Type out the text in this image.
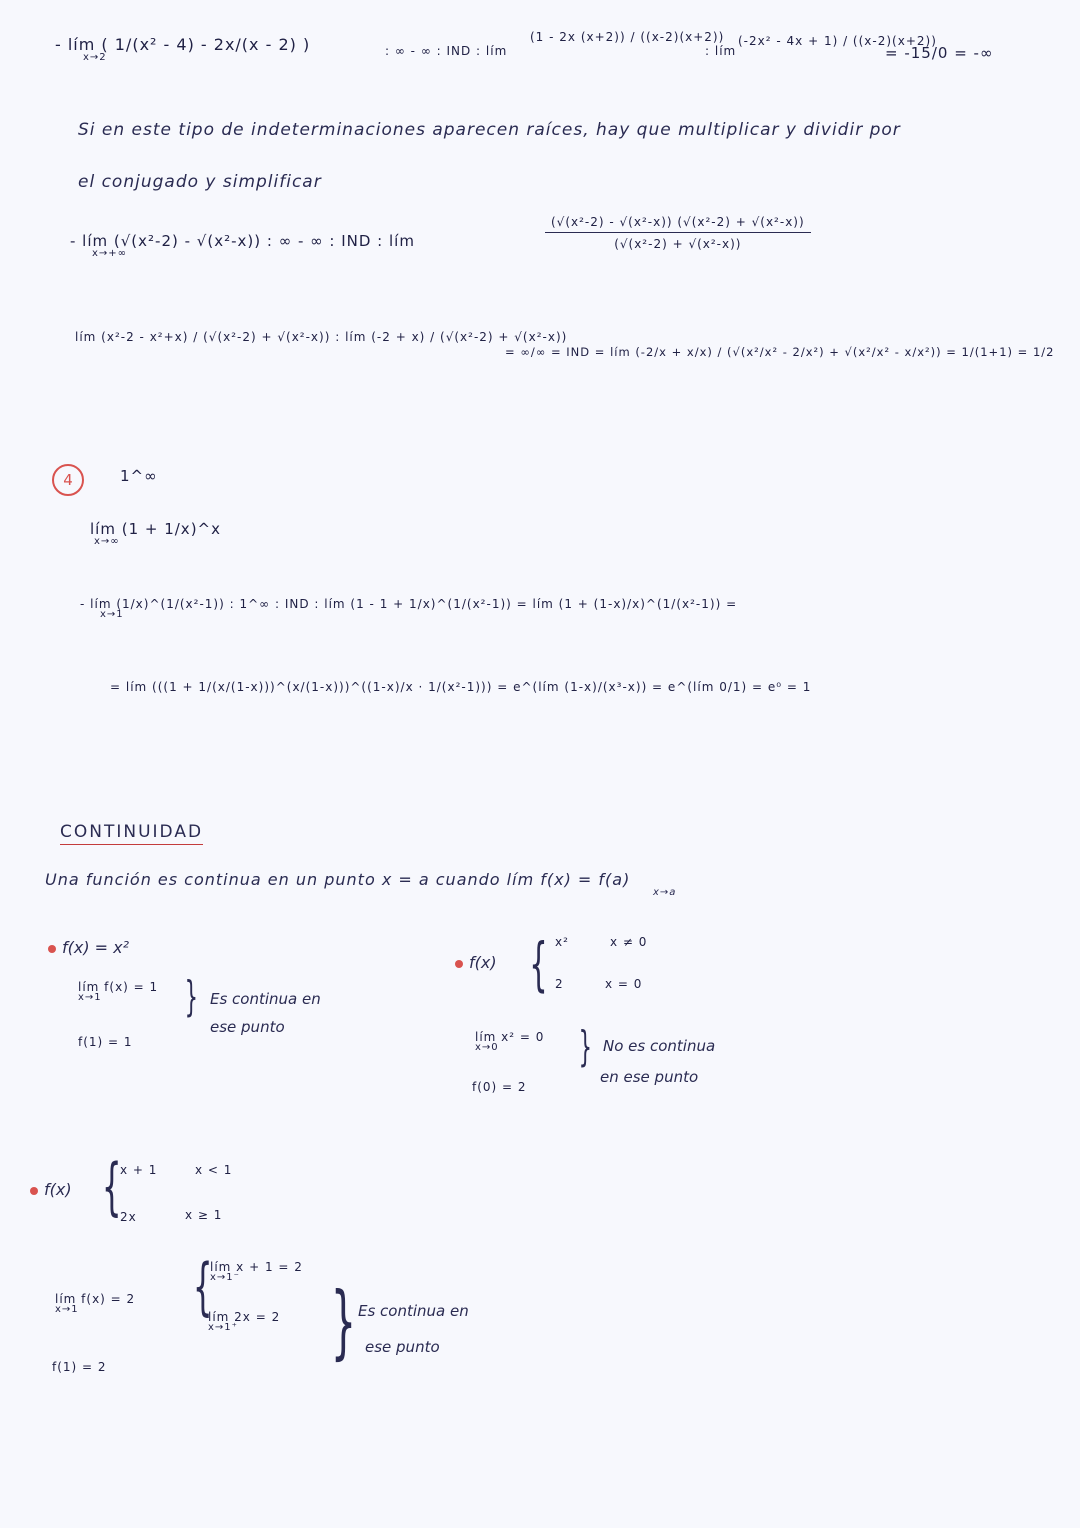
- lím ( 1/(x² - 4) - 2x/(x - 2) )
x→2	: ∞ - ∞ : IND : lím
(1 - 2x (x+2)) / ((x-2)(x+2))
: lím
(-2x² - 4x + 1) / ((x-2)(x+2))
= -15/0 = -∞
Si en este tipo de indeterminaciones aparecen raíces, hay que multiplicar y dividir por
el conjugado y simplificar
- lím (√(x²-2) - √(x²-x)) : ∞ - ∞ : IND : lím
x→+∞
$\frac{\text{(√(x²-2) - √(x²-x)) (√(x²-2) + √(x²-x))}}{\text{(√(x²-2) + √(x²-x))}}$
lím (x²-2 - x²+x) / (√(x²-2) + √(x²-x)) : lím (-2 + x) / (√(x²-2) + √(x²-x))
= ∞/∞ = IND = lím (-2/x + x/x) / (√(x²/x² - 2/x²) + √(x²/x² - x/x²)) = 1/(1+1) = 1/2
4	1^∞
lím (1 + 1/x)^x
x→∞
- lím (1/x)^(1/(x²-1)) : 1^∞ : IND : lím (1 - 1 + 1/x)^(1/(x²-1)) = lím (1 + (1-x)/x)^(1/(x²-1)) =
x→1
= lím (((1 + 1/(x/(1-x)))^(x/(1-x)))^((1-x)/x · 1/(x²-1))) = e^(lím (1-x)/(x³-x)) = e^(lím 0/1) = e⁰ = 1
CONTINUIDAD
Una función es continua en un punto x = a cuando lím f(x) = f(a)
x→a
f(x) = x²
lím f(x) = 1
x→1
f(1) = 1
} Es continua en
ese punto
f(x) { x²	x ≠ 0
2	x = 0
lím x² = 0
x→0
f(0) = 2
} No es continua
en ese punto
f(x) {
x + 1	x < 1
2x	x ≥ 1
lím f(x) = 2
x→1	{
lím x + 1 = 2
x→1⁻
lím 2x = 2
x→1⁺
f(1) = 2	} Es continua en
ese punto
